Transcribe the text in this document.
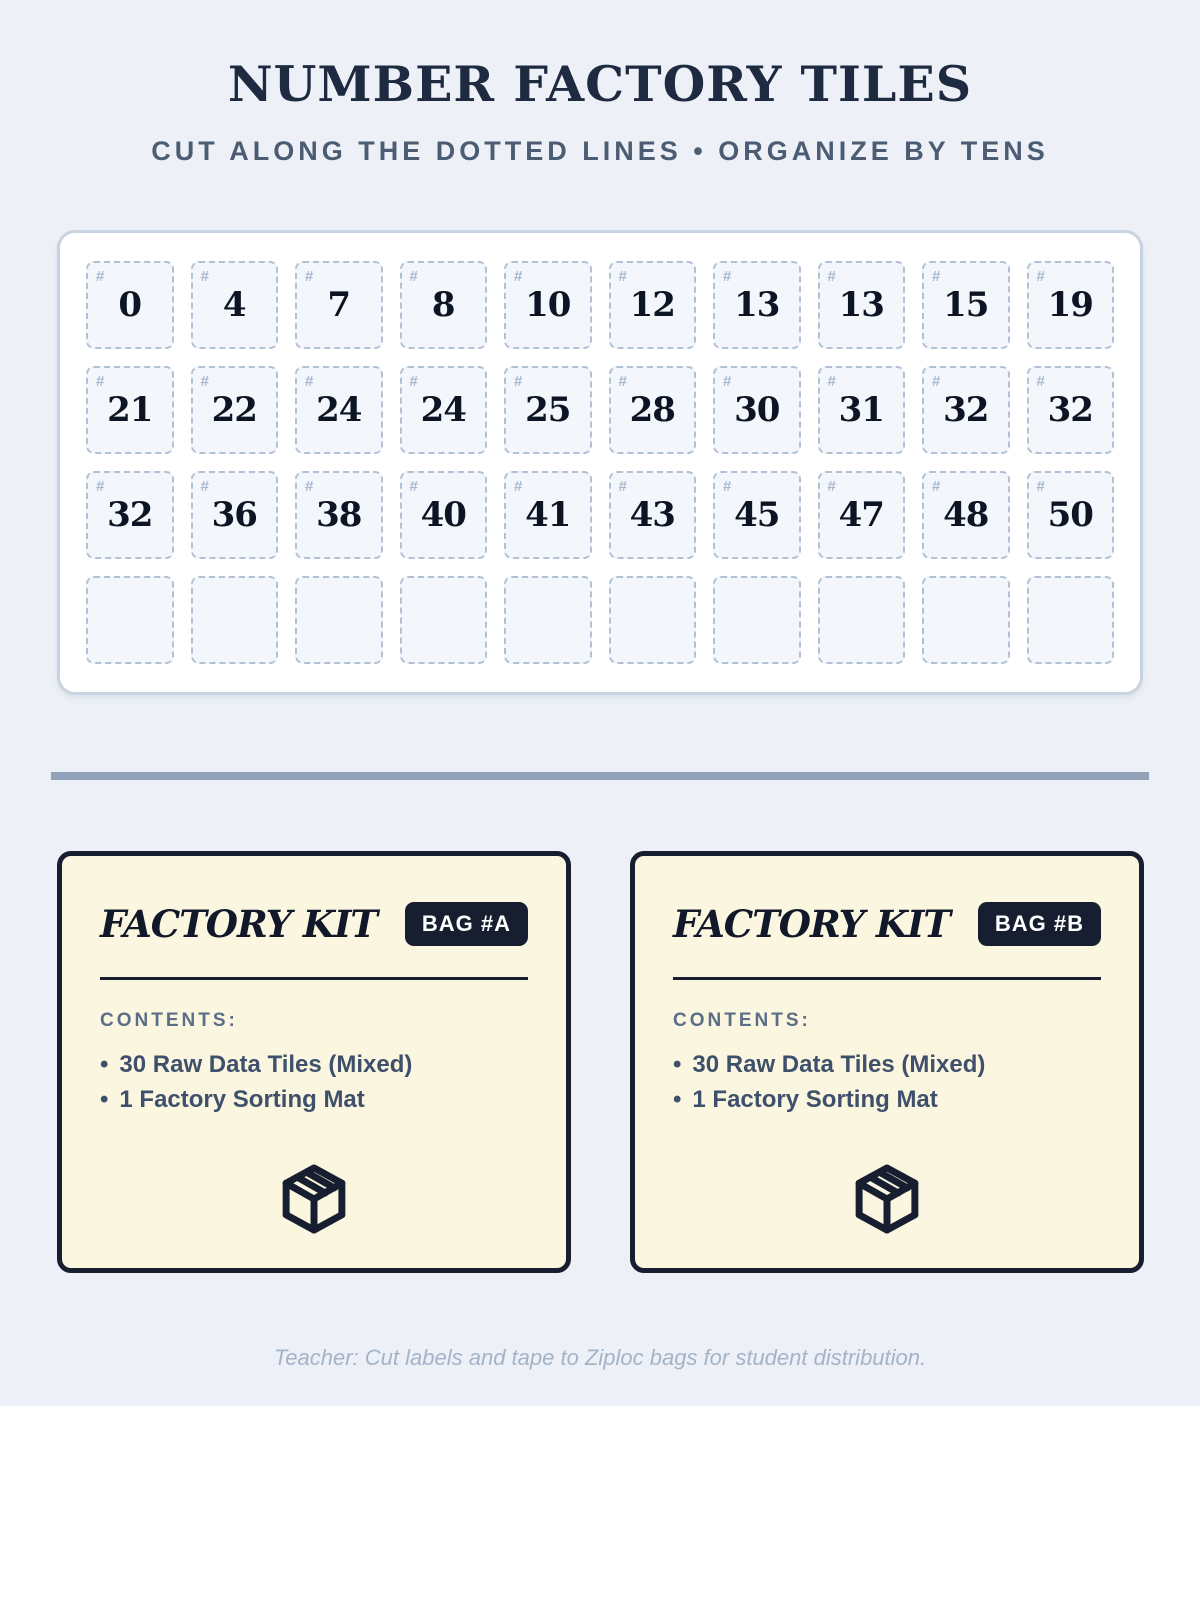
NUMBER FACTORY TILES
CUT ALONG THE DOTTED LINES • ORGANIZE BY TENS
#
0
#
4
#
7
#
8
#
10
#
12
#
13
#
13
#
15
#
19
#
21
#
22
#
24
#
24
#
25
#
28
#
30
#
31
#
32
#
32
#
32
#
36
#
38
#
40
#
41
#
43
#
45
#
47
#
48
#
50
FACTORY KIT	BAG #A
CONTENTS:
• 30 Raw Data Tiles (Mixed)
• 1 Factory Sorting Mat
FACTORY KIT	BAG #B
CONTENTS:
• 30 Raw Data Tiles (Mixed)
• 1 Factory Sorting Mat
Teacher: Cut labels and tape to Ziploc bags for student distribution.
